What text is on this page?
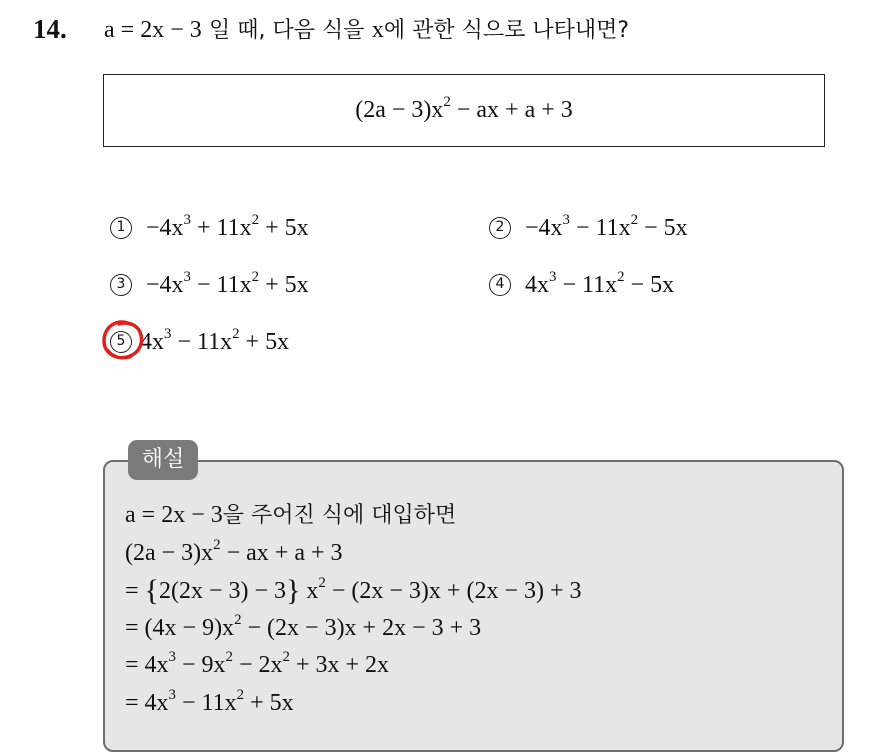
14. a = 2x − 3 일 때, 다음 식을 x에 관한 식으로 나타내면?
$(2a - 3)x^2$ − ax + a + 3
$1 -4x^3 + 11x^2 + 5x$	$2 -4x^3 - 11x^2 - 5x$
$3 -4x^3 - 11x^2 + 5x$	4 $4x^3 - 11x^2 - 5x$
5 $4x^3 - 11x^2 + 5x$
해설
a = 2x − 3을 주어진 식에 대입하면
$(2a - 3)x^2$ − ax + a + 3
= {2(2x − 3) − 3} $x^2 - (2x - 3)x + (2x - 3) + 3$
= $(4x - 9)x^2 - (2x - 3)x + 2x - 3 + 3$
= $4x^3 - 9x^2 - 2x^2 + 3x + 2x$
= $4x^3 - 11x^2 + 5x$
